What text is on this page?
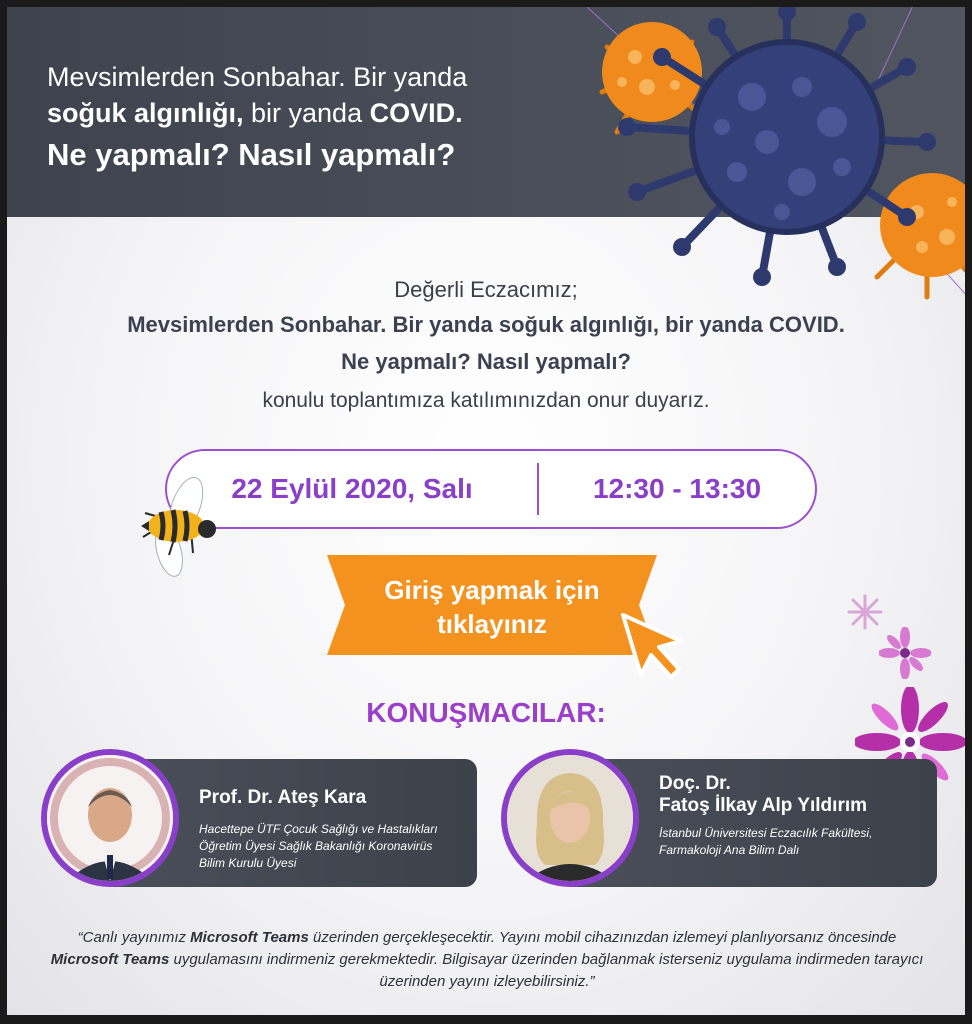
Mevsimlerden Sonbahar. Bir yanda
soğuk algınlığı, bir yanda COVID.
Ne yapmalı? Nasıl yapmalı?
Değerli Eczacımız;
Mevsimlerden Sonbahar. Bir yanda soğuk algınlığı, bir yanda COVID.
Ne yapmalı? Nasıl yapmalı?
konulu toplantımıza katılımınızdan onur duyarız.
22 Eylül 2020, Salı	12:30 - 13:30
Giriş yapmak için
tıklayınız
KONUŞMACILAR:
Prof. Dr. Ateş Kara
Hacettepe ÜTF Çocuk Sağlığı ve Hastalıkları
Öğretim Üyesi Sağlık Bakanlığı Koronavirüs
Bilim Kurulu Üyesi
Doç. Dr.
Fatoş İlkay Alp Yıldırım
İstanbul Üniversitesi Eczacılık Fakültesi,
Farmakoloji Ana Bilim Dalı
“Canlı yayınımız Microsoft Teams üzerinden gerçekleşecektir. Yayını mobil cihazınızdan izlemeyi planlıyorsanız öncesinde Microsoft Teams uygulamasını indirmeniz gerekmektedir. Bilgisayar üzerinden bağlanmak isterseniz uygulama indirmeden tarayıcı üzerinden yayını izleyebilirsiniz.”
